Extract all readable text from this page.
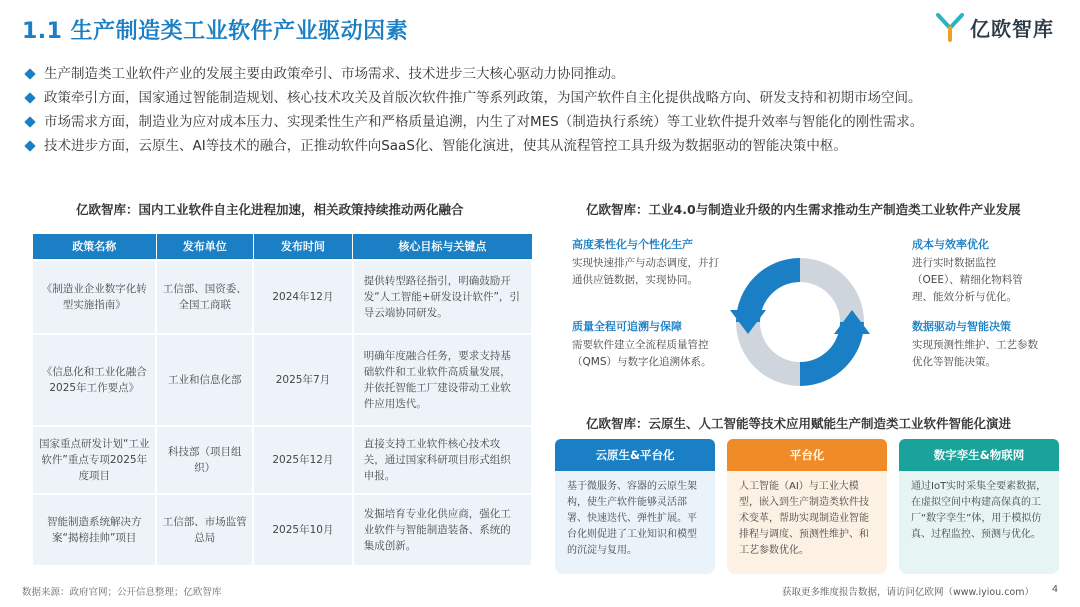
1.1 生产制造类工业软件产业驱动因素	亿欧智库
生产制造类工业软件产业的发展主要由政策牵引、市场需求、技术进步三大核心驱动力协同推动。
政策牵引方面，国家通过智能制造规划、核心技术攻关及首版次软件推广等系列政策，为国产软件自主化提供战略方向、研发支持和初期市场空间。
市场需求方面，制造业为应对成本压力、实现柔性生产和严格质量追溯，内生了对MES（制造执行系统）等工业软件提升效率与智能化的刚性需求。
技术进步方面，云原生、AI等技术的融合，正推动软件向SaaS化、智能化演进，使其从流程管控工具升级为数据驱动的智能决策中枢。
亿欧智库：国内工业软件自主化进程加速，相关政策持续推动两化融合
政策名称	发布单位	发布时间	核心目标与关键点
《制造业企业数字化转型实施指南》	工信部、国资委、全国工商联	2024年12月	提供转型路径指引，明确鼓励开发“人工智能+研发设计软件”，引导云端协同研发。
《信息化和工业化融合2025年工作要点》	工业和信息化部	2025年7月	明确年度融合任务，要求支持基础软件和工业软件高质量发展，并依托智能工厂建设带动工业软件应用迭代。
国家重点研发计划“工业软件”重点专项2025年度项目	科技部（项目组织）	2025年12月	直接支持工业软件核心技术攻关，通过国家科研项目形式组织申报。
智能制造系统解决方案“揭榜挂帅”项目	工信部、市场监管总局	2025年10月	发掘培育专业化供应商，强化工业软件与智能制造装备、系统的集成创新。
亿欧智库：工业4.0与制造业升级的内生需求推动生产制造类工业软件产业发展
工业4.0
高度柔性化与个性化生产
实现快速排产与动态调度，并打通供应链数据，实现协同。
质量全程可追溯与保障
需要软件建立全流程质量管控（QMS）与数字化追溯体系。
成本与效率优化
进行实时数据监控（OEE）、精细化物料管理、能效分析与优化。
数据驱动与智能决策
实现预测性维护、工艺参数优化等智能决策。
亿欧智库：云原生、人工智能等技术应用赋能生产制造类工业软件智能化演进
云原生&平台化
基于微服务、容器的云原生架构，使生产软件能够灵活部署、快速迭代、弹性扩展。平台化则促进了工业知识和模型的沉淀与复用。
平台化
人工智能（AI）与工业大模型，嵌入到生产制造类软件技术变革，帮助实现制造业智能排程与调度、预测性维护、和工艺参数优化。
数字孪生&物联网
通过IoT实时采集全要素数据，在虚拟空间中构建高保真的工厂“数字孪生”体，用于模拟仿真、过程监控、预测与优化。
数据来源：政府官网；公开信息整理；亿欧智库	获取更多维度报告数据，请访问亿欧网（www.iyiou.com） 4
